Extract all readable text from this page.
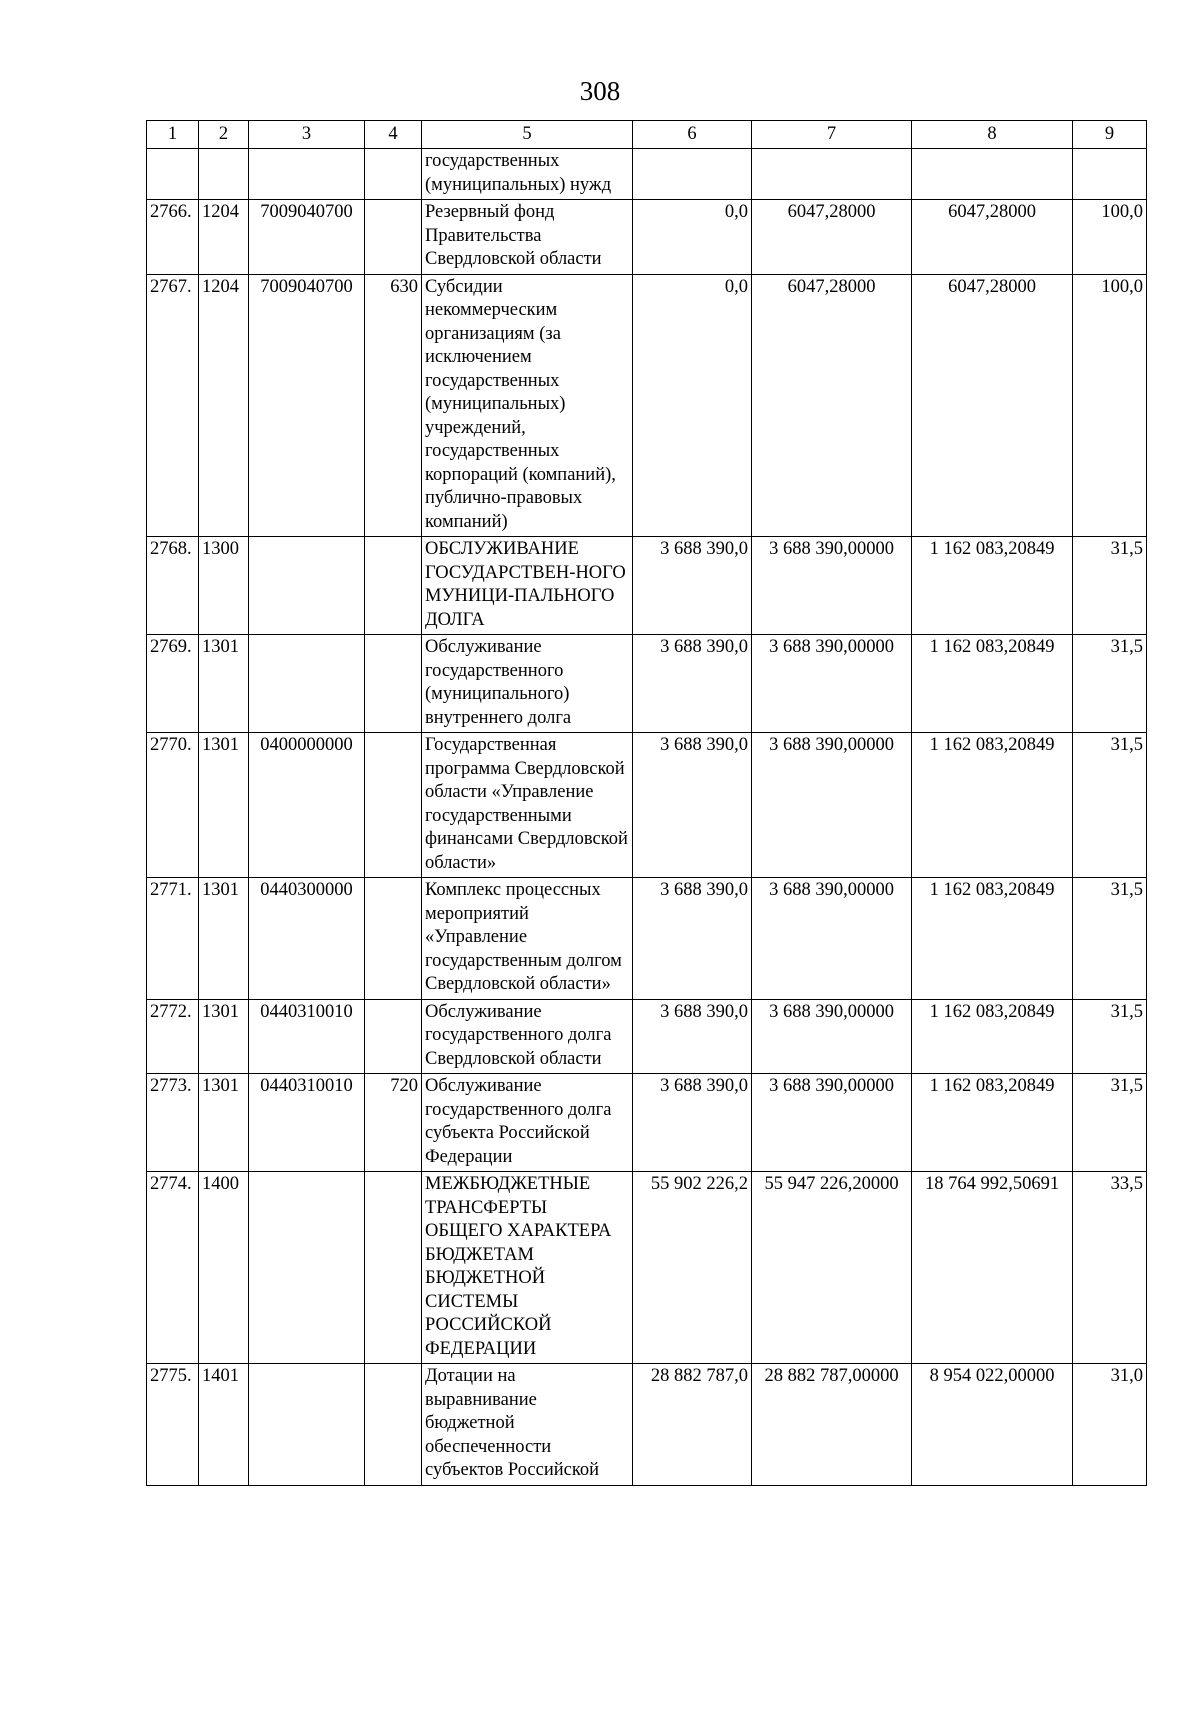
308
1	2	3	4	5	6	7	8	9
				государственных (муниципальных) нужд				
2766.	1204	7009040700		Резервный фонд Правительства Свердловской области	0,0	6047,28000	6047,28000	100,0
2767.	1204	7009040700	630	Субсидии некоммерческим организациям (за исключением государственных (муниципальных) учреждений, государственных корпораций (компаний), публично-правовых компаний)	0,0	6047,28000	6047,28000	100,0
2768.	1300			ОБСЛУЖИВАНИЕ ГОСУДАРСТВЕН-НОГО МУНИЦИ-ПАЛЬНОГО ДОЛГА	3 688 390,0	3 688 390,00000	1 162 083,20849	31,5
2769.	1301			Обслуживание государственного (муниципального) внутреннего долга	3 688 390,0	3 688 390,00000	1 162 083,20849	31,5
2770.	1301	0400000000		Государственная программа Свердловской области «Управление государственными финансами Свердловской области»	3 688 390,0	3 688 390,00000	1 162 083,20849	31,5
2771.	1301	0440300000		Комплекс процессных мероприятий «Управление государственным долгом Свердловской области»	3 688 390,0	3 688 390,00000	1 162 083,20849	31,5
2772.	1301	0440310010		Обслуживание государственного долга Свердловской области	3 688 390,0	3 688 390,00000	1 162 083,20849	31,5
2773.	1301	0440310010	720	Обслуживание государственного долга субъекта Российской Федерации	3 688 390,0	3 688 390,00000	1 162 083,20849	31,5
2774.	1400			МЕЖБЮДЖЕТНЫЕ ТРАНСФЕРТЫ ОБЩЕГО ХАРАКТЕРА БЮДЖЕТАМ БЮДЖЕТНОЙ СИСТЕМЫ РОССИЙСКОЙ ФЕДЕРАЦИИ	55 902 226,2	55 947 226,20000	18 764 992,50691	33,5
2775.	1401			Дотации на выравнивание бюджетной обеспеченности субъектов Российской	28 882 787,0	28 882 787,00000	8 954 022,00000	31,0
